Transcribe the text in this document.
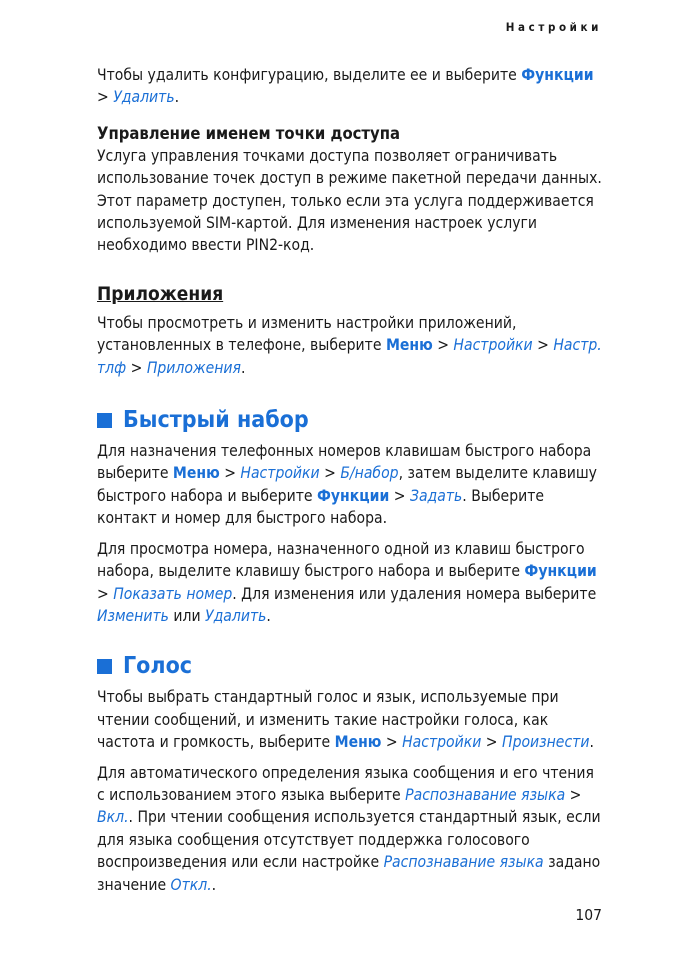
Настройки

Чтобы удалить конфигурацию, выделите ее и выберите Функции > Удалить.

Управление именем точки доступа

Услуга управления точками доступа позволяет ограничивать использование точек доступ в режиме пакетной передачи данных. Этот параметр доступен, только если эта услуга поддерживается используемой SIM-картой. Для изменения настроек услуги необходимо ввести PIN2-код.

Приложения

Чтобы просмотреть и изменить настройки приложений, установленных в телефоне, выберите Меню > Настройки > Настр. тлф > Приложения.

Быстрый набор

Для назначения телефонных номеров клавишам быстрого набора выберите Меню > Настройки > Б/набор, затем выделите клавишу быстрого набора и выберите Функции > Задать. Выберите контакт и номер для быстрого набора.

Для просмотра номера, назначенного одной из клавиш быстрого набора, выделите клавишу быстрого набора и выберите Функции > Показать номер. Для изменения или удаления номера выберите Изменить или Удалить.

Голос

Чтобы выбрать стандартный голос и язык, используемые при чтении сообщений, и изменить такие настройки голоса, как частота и громкость, выберите Меню > Настройки > Произнести.

Для автоматического определения языка сообщения и его чтения с использованием этого языка выберите Распознавание языка > Вкл.. При чтении сообщения используется стандартный язык, если для языка сообщения отсутствует поддержка голосового воспроизведения или если настройке Распознавание языка задано значение Откл..

107
